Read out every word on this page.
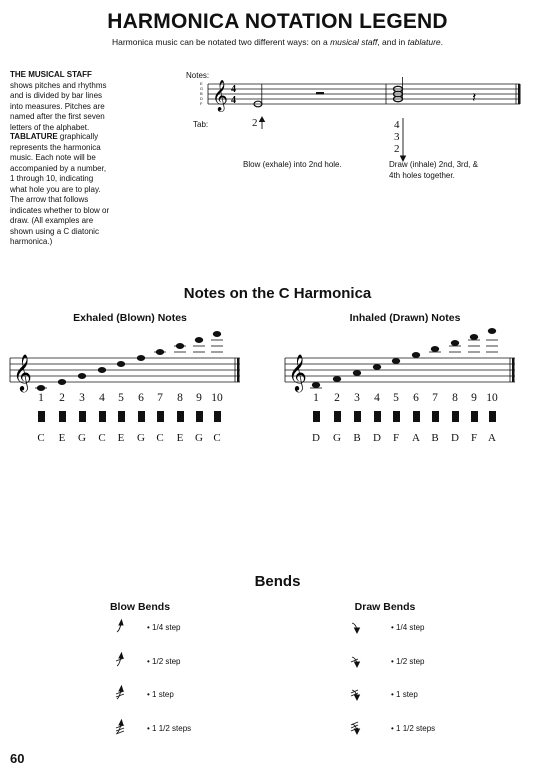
HARMONICA NOTATION LEGEND
Harmonica music can be notated two different ways: on a musical staff, and in tablature.
THE MUSICAL STAFF shows pitches and rhythms and is divided by bar lines into measures. Pitches are named after the first seven letters of the alphabet.
TABLATURE graphically represents the harmonica music. Each note will be accompanied by a number, 1 through 10, indicating what hole you are to play. The arrow that follows indicates whether to blow or draw. (All examples are shown using a C diatonic harmonica.)
Notes:
Tab:
E G B D F 𝄞 4
4	𝄽
2	4
3
2
Blow (exhale) into 2nd hole.	Draw (inhale) 2nd, 3rd, & 4th holes together.
Notes on the C Harmonica
Exhaled (Blown) Notes	Inhaled (Drawn) Notes
𝄞	𝄞
1
C
2
E
3
G
4
C
5
E
6
G
7
C
8
E
9
G
10
C
1
D
2
G
3
B
4
D
5
F
6
A
7
B
8
D
9
F
10
A
Bends
Blow Bends	Draw Bends
• 1/4 step
• 1/2 step
• 1 step
• 1 1/2 steps
• 1/4 step
• 1/2 step
• 1 step
• 1 1/2 steps
60
